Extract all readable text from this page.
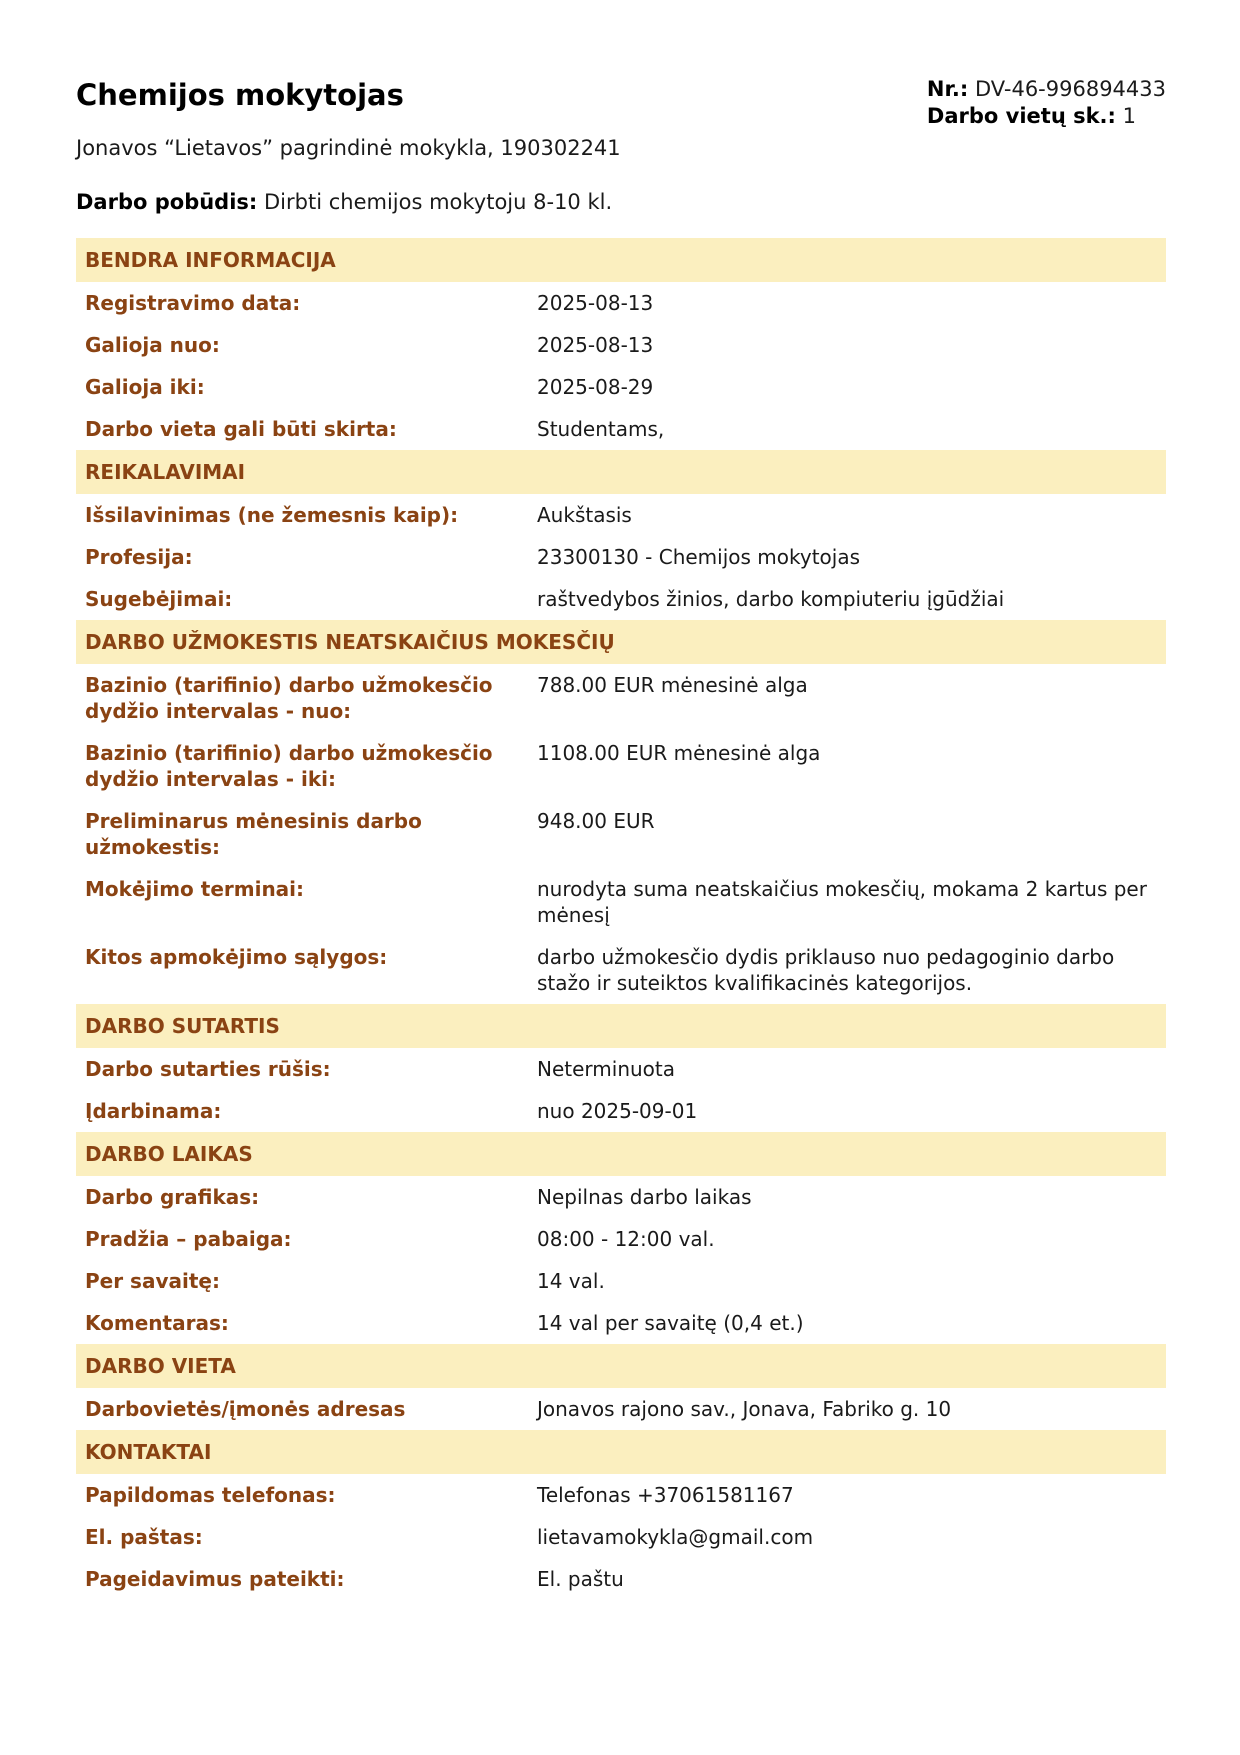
Chemijos mokytojas	Nr.: DV-46-996894433
Darbo vietų sk.: 1
Jonavos “Lietavos” pagrindinė mokykla, 190302241
Darbo pobūdis: Dirbti chemijos mokytoju 8-10 kl.
BENDRA INFORMACIJA
Registravimo data:	2025-08-13
Galioja nuo:	2025-08-13
Galioja iki:	2025-08-29
Darbo vieta gali būti skirta:	Studentams,
REIKALAVIMAI
Išsilavinimas (ne žemesnis kaip):	Aukštasis
Profesija:	23300130 - Chemijos mokytojas
Sugebėjimai:	raštvedybos žinios, darbo kompiuteriu įgūdžiai
DARBO UŽMOKESTIS NEATSKAIČIUS MOKESČIŲ
Bazinio (tarifinio) darbo užmokesčio dydžio intervalas - nuo:
788.00 EUR mėnesinė alga
Bazinio (tarifinio) darbo užmokesčio dydžio intervalas - iki:
1108.00 EUR mėnesinė alga
Preliminarus mėnesinis darbo užmokestis:
948.00 EUR
Mokėjimo terminai:	nurodyta suma neatskaičius mokesčių, mokama 2 kartus per mėnesį
Kitos apmokėjimo sąlygos:	darbo užmokesčio dydis priklauso nuo pedagoginio darbo stažo ir suteiktos kvalifikacinės kategorijos.
DARBO SUTARTIS
Darbo sutarties rūšis:	Neterminuota
Įdarbinama:	nuo 2025-09-01
DARBO LAIKAS
Darbo grafikas:	Nepilnas darbo laikas
Pradžia – pabaiga:	08:00 - 12:00 val.
Per savaitę:	14 val.
Komentaras:	14 val per savaitę (0,4 et.)
DARBO VIETA
Darbovietės/įmonės adresas	Jonavos rajono sav., Jonava, Fabriko g. 10
KONTAKTAI
Papildomas telefonas:	Telefonas +37061581167
El. paštas:	lietavamokykla@gmail.com
Pageidavimus pateikti:	El. paštu
